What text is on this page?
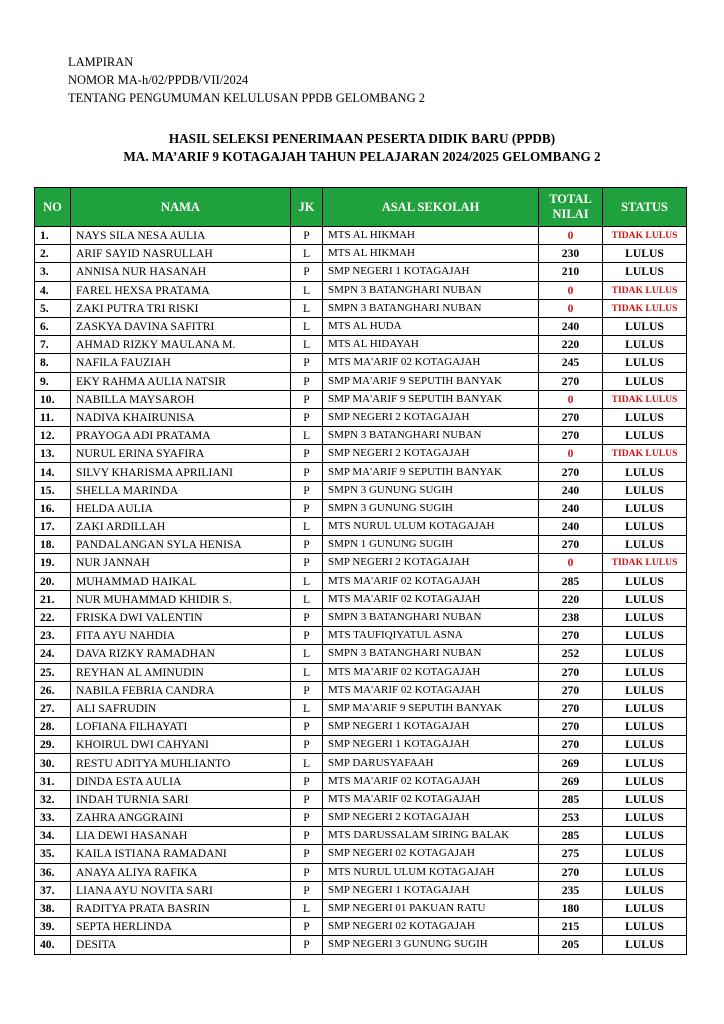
LAMPIRAN
NOMOR MA-h/02/PPDB/VII/2024
TENTANG PENGUMUMAN KELULUSAN PPDB GELOMBANG 2
HASIL SELEKSI PENERIMAAN PESERTA DIDIK BARU (PPDB)
MA. MA’ARIF 9 KOTAGAJAH TAHUN PELAJARAN 2024/2025 GELOMBANG 2
NO	NAMA	JK	ASAL SEKOLAH	TOTAL NILAI	STATUS
1.	NAYS SILA NESA AULIA	P	MTS AL HIKMAH	0	TIDAK LULUS
2.	ARIF SAYID NASRULLAH	L	MTS AL HIKMAH	230	LULUS
3.	ANNISA NUR HASANAH	P	SMP NEGERI 1 KOTAGAJAH	210	LULUS
4.	FAREL HEXSA PRATAMA	L	SMPN 3 BATANGHARI NUBAN	0	TIDAK LULUS
5.	ZAKI PUTRA TRI RISKI	L	SMPN 3 BATANGHARI NUBAN	0	TIDAK LULUS
6.	ZASKYA DAVINA SAFITRI	L	MTS AL HUDA	240	LULUS
7.	AHMAD RIZKY MAULANA M.	L	MTS AL HIDAYAH	220	LULUS
8.	NAFILA FAUZIAH	P	MTS MA'ARIF 02 KOTAGAJAH	245	LULUS
9.	EKY RAHMA AULIA NATSIR	P	SMP MA'ARIF 9 SEPUTIH BANYAK	270	LULUS
10.	NABILLA MAYSAROH	P	SMP MA'ARIF 9 SEPUTIH BANYAK	0	TIDAK LULUS
11.	NADIVA KHAIRUNISA	P	SMP NEGERI 2 KOTAGAJAH	270	LULUS
12.	PRAYOGA ADI PRATAMA	L	SMPN 3 BATANGHARI NUBAN	270	LULUS
13.	NURUL ERINA SYAFIRA	P	SMP NEGERI 2 KOTAGAJAH	0	TIDAK LULUS
14.	SILVY KHARISMA APRILIANI	P	SMP MA'ARIF 9 SEPUTIH BANYAK	270	LULUS
15.	SHELLA MARINDA	P	SMPN 3 GUNUNG SUGIH	240	LULUS
16.	HELDA AULIA	P	SMPN 3 GUNUNG SUGIH	240	LULUS
17.	ZAKI ARDILLAH	L	MTS NURUL ULUM KOTAGAJAH	240	LULUS
18.	PANDALANGAN SYLA HENISA	P	SMPN 1 GUNUNG SUGIH	270	LULUS
19.	NUR JANNAH	P	SMP NEGERI 2 KOTAGAJAH	0	TIDAK LULUS
20.	MUHAMMAD HAIKAL	L	MTS MA'ARIF 02 KOTAGAJAH	285	LULUS
21.	NUR MUHAMMAD KHIDIR S.	L	MTS MA'ARIF 02 KOTAGAJAH	220	LULUS
22.	FRISKA DWI VALENTIN	P	SMPN 3 BATANGHARI NUBAN	238	LULUS
23.	FITA AYU NAHDIA	P	MTS TAUFIQIYATUL ASNA	270	LULUS
24.	DAVA RIZKY RAMADHAN	L	SMPN 3 BATANGHARI NUBAN	252	LULUS
25.	REYHAN AL AMINUDIN	L	MTS MA'ARIF 02 KOTAGAJAH	270	LULUS
26.	NABILA FEBRIA CANDRA	P	MTS MA'ARIF 02 KOTAGAJAH	270	LULUS
27.	ALI SAFRUDIN	L	SMP MA'ARIF 9 SEPUTIH BANYAK	270	LULUS
28.	LOFIANA FILHAYATI	P	SMP NEGERI 1 KOTAGAJAH	270	LULUS
29.	KHOIRUL DWI CAHYANI	P	SMP NEGERI 1 KOTAGAJAH	270	LULUS
30.	RESTU ADITYA MUHLIANTO	L	SMP DARUSYAFAAH	269	LULUS
31.	DINDA ESTA AULIA	P	MTS MA'ARIF 02 KOTAGAJAH	269	LULUS
32.	INDAH TURNIA SARI	P	MTS MA'ARIF 02 KOTAGAJAH	285	LULUS
33.	ZAHRA ANGGRAINI	P	SMP NEGERI 2 KOTAGAJAH	253	LULUS
34.	LIA DEWI HASANAH	P	MTS DARUSSALAM SIRING BALAK	285	LULUS
35.	KAILA ISTIANA RAMADANI	P	SMP NEGERI 02 KOTAGAJAH	275	LULUS
36.	ANAYA ALIYA RAFIKA	P	MTS NURUL ULUM KOTAGAJAH	270	LULUS
37.	LIANA AYU NOVITA SARI	P	SMP NEGERI 1 KOTAGAJAH	235	LULUS
38.	RADITYA PRATA BASRIN	L	SMP NEGERI 01 PAKUAN RATU	180	LULUS
39.	SEPTA HERLINDA	P	SMP NEGERI 02 KOTAGAJAH	215	LULUS
40.	DESITA	P	SMP NEGERI 3 GUNUNG SUGIH	205	LULUS
